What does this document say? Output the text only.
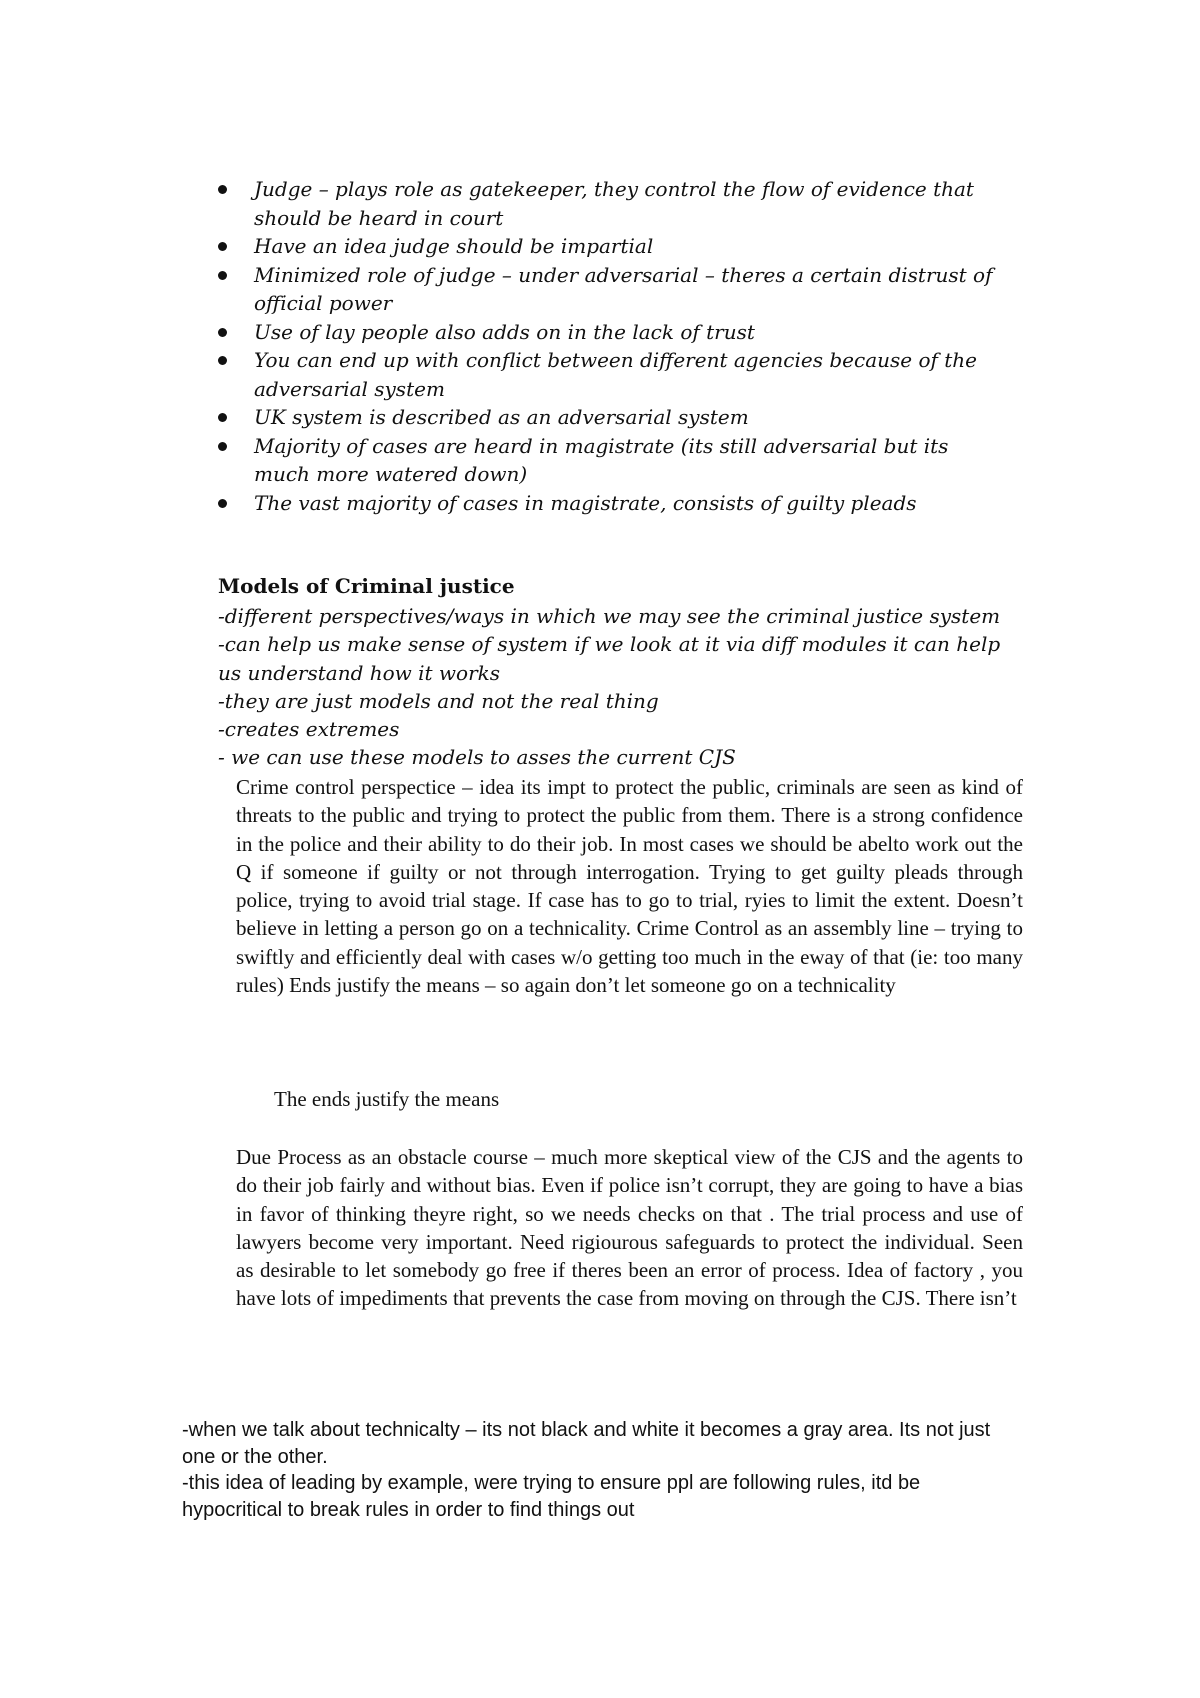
Judge – plays role as gatekeeper, they control the flow of evidence that should be heard in court
Have an idea judge should be impartial
Minimized role of judge – under adversarial – theres a certain distrust of official power
Use of lay people also adds on in the lack of trust
You can end up with conflict between different agencies because of the adversarial system
UK system is described as an adversarial system
Majority of cases are heard in magistrate (its still adversarial but its much more watered down)
The vast majority of cases in magistrate, consists of guilty pleads
Models of Criminal justice
-different perspectives/ways in which we may see the criminal justice system
-can help us make sense of system if we look at it via diff modules it can help us understand how it works
-they are just models and not the real thing
-creates extremes
- we can use these models to asses the current CJS

Crime control perspectice – idea its impt to protect the public, criminals are seen as kind of threats to the public and trying to protect the public from them. There is a strong confidence in the police and their ability to do their job. In most cases we should be abelto work out the Q if someone if guilty or not through interrogation. Trying to get guilty pleads through police, trying to avoid trial stage. If case has to go to trial, ryies to limit the extent. Doesn’t believe in letting a person go on a technicality. Crime Control as an assembly line – trying to swiftly and efficiently deal with cases w/o getting too much in the eway of that (ie: too many rules) Ends justify the means – so again don’t let someone go on a technicality

The ends justify the means

Due Process as an obstacle course – much more skeptical view of the CJS and the agents to do their job fairly and without bias. Even if police isn’t corrupt, they are going to have a bias in favor of thinking theyre right, so we needs checks on that . The trial process and use of lawyers become very important. Need rigiourous safeguards to protect the individual. Seen as desirable to let somebody go free if theres been an error of process. Idea of factory , you have lots of impediments that prevents the case from moving on through the CJS. There isn’t

-when we talk about technicalty – its not black and white it becomes a gray area. Its not just one or the other.
-this idea of leading by example, were trying to ensure ppl are following rules, itd be hypocritical to break rules in order to find things out
